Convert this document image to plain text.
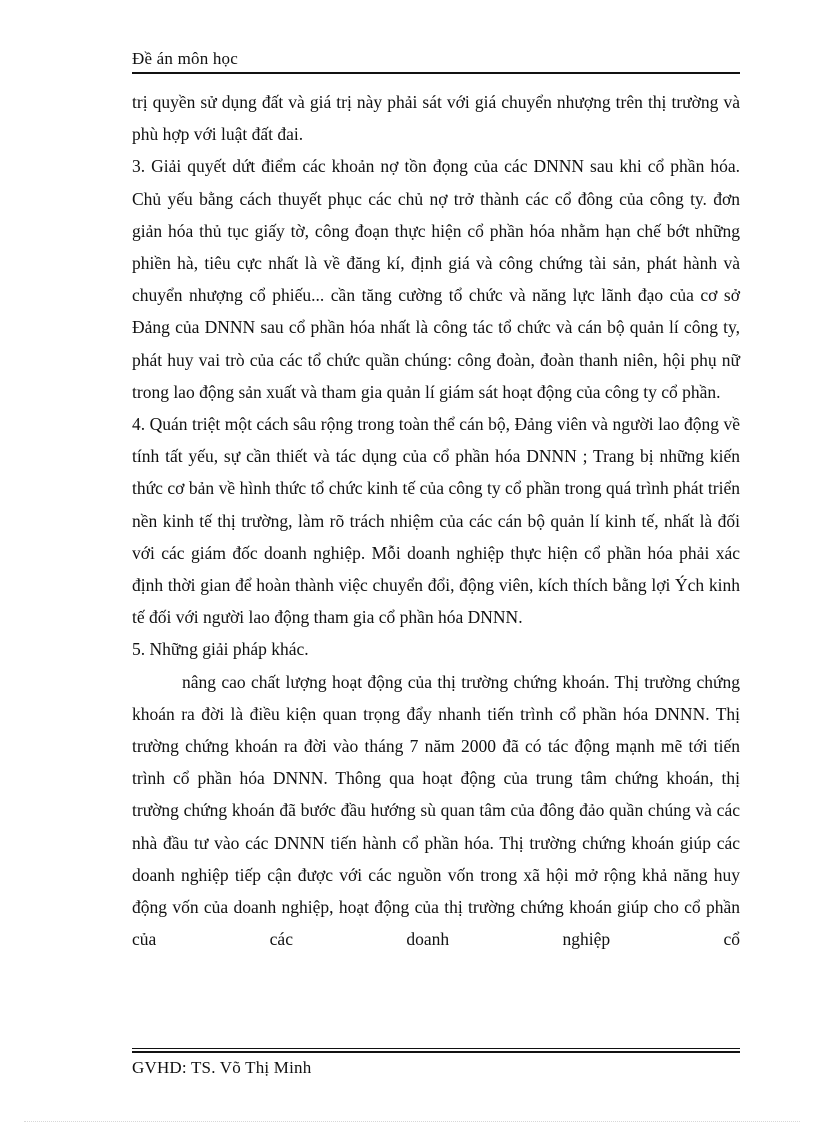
Đề án môn học

trị quyền sử dụng đất và giá trị này phải sát với giá chuyển nhượng trên thị trường và phù hợp với luật đất đai.

3. Giải quyết dứt điểm các khoản nợ tồn đọng của các DNNN sau khi cổ phần hóa. Chủ yếu bằng cách thuyết phục các chủ nợ trở thành các cổ đông của công ty. đơn giản hóa thủ tục giấy tờ, công đoạn thực hiện cổ phần hóa nhằm hạn chế bớt những phiền hà, tiêu cực nhất là về đăng kí, định giá và công chứng tài sản, phát hành và chuyển nhượng cổ phiếu... cần tăng cường tổ chức và năng lực lãnh đạo của cơ sở Đảng của DNNN sau cổ phần hóa nhất là công tác tổ chức và cán bộ quản lí công ty, phát huy vai trò của các tổ chức quần chúng: công đoàn, đoàn thanh niên, hội phụ nữ trong lao động sản xuất và tham gia quản lí giám sát hoạt động của công ty cổ phần.

4. Quán triệt một cách sâu rộng trong toàn thể cán bộ, Đảng viên và người lao động về tính tất yếu, sự cần thiết và tác dụng của cổ phần hóa DNNN ; Trang bị những kiến thức cơ bản về hình thức tổ chức kinh tế của công ty cổ phần trong quá trình phát triển nền kinh tế thị trường, làm rõ trách nhiệm của các cán bộ quản lí kinh tế, nhất là đối với các giám đốc doanh nghiệp. Mỗi doanh nghiệp thực hiện cổ phần hóa phải xác định thời gian để hoàn thành việc chuyển đổi, động viên, kích thích bằng lợi Ých kinh tế đối với người lao động tham gia cổ phần hóa DNNN.

5. Những giải pháp khác.

nâng cao chất lượng hoạt động của thị trường chứng khoán. Thị trường chứng khoán ra đời là điều kiện quan trọng đẩy nhanh tiến trình cổ phần hóa DNNN. Thị trường chứng khoán ra đời vào tháng 7 năm 2000 đã có tác động mạnh mẽ tới tiến trình cổ phần hóa DNNN. Thông qua hoạt động của trung tâm chứng khoán, thị trường chứng khoán đã bước đầu hướng sù quan tâm của đông đảo quần chúng và các nhà đầu tư vào các DNNN tiến hành cổ phần hóa. Thị trường chứng khoán giúp các doanh nghiệp tiếp cận được với các nguồn vốn trong xã hội mở rộng khả năng huy động vốn của doanh nghiệp, hoạt động của thị trường chứng khoán giúp cho cổ phần của các doanh nghiệp cổ

GVHD: TS. Võ Thị Minh
